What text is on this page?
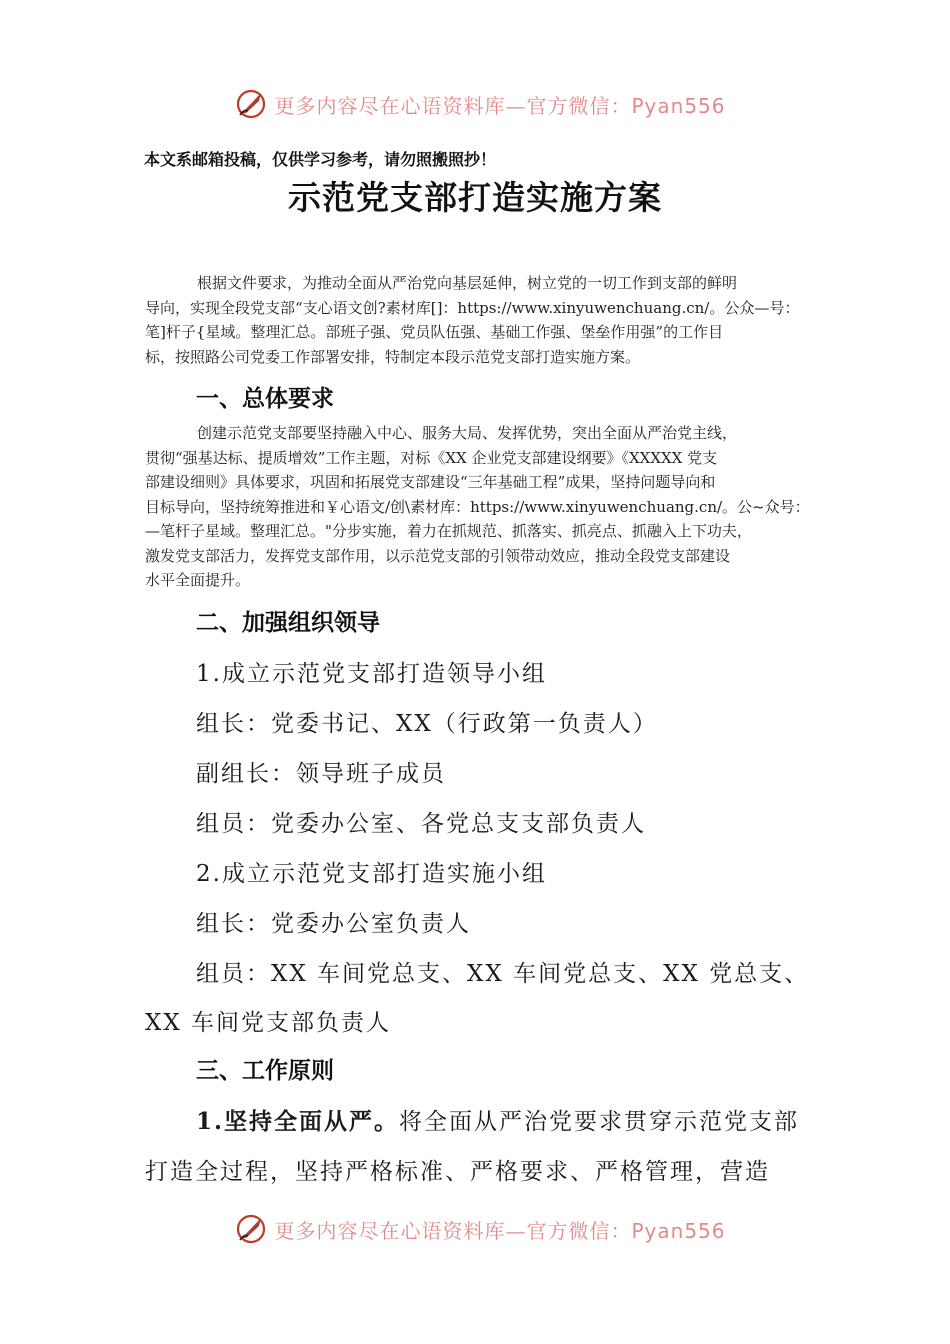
更多内容尽在心语资料库—官方微信：Pyan556
本文系邮箱投稿，仅供学习参考，请勿照搬照抄！
示范党支部打造实施方案
根据文件要求，为推动全面从严治党向基层延伸，树立党的一切工作到支部的鲜明
导向，实现全段党支部“支心语文创?素材库[]：https://www.xinyuwenchuang.cn/。公众—号：
笔]杆子{星域。整理汇总。部班子强、党员队伍强、基础工作强、堡垒作用强”的工作目
标，按照路公司党委工作部署安排，特制定本段示范党支部打造实施方案。
一、总体要求
创建示范党支部要坚持融入中心、服务大局、发挥优势，突出全面从严治党主线，
贯彻“强基达标、提质增效”工作主题，对标《XX 企业党支部建设纲要》《XXXXX 党支
部建设细则》具体要求，巩固和拓展党支部建设“三年基础工程”成果，坚持问题导向和
目标导向，坚持统筹推进和￥心语文/创\素材库：https://www.xinyuwenchuang.cn/。公~众号：
—笔杆子星域。整理汇总。"分步实施，着力在抓规范、抓落实、抓亮点、抓融入上下功夫，
激发党支部活力，发挥党支部作用，以示范党支部的引领带动效应，推动全段党支部建设
水平全面提升。
二、加强组织领导
1.成立示范党支部打造领导小组
组长：党委书记、XX（行政第一负责人）
副组长：领导班子成员
组员：党委办公室、各党总支支部负责人
2.成立示范党支部打造实施小组
组长：党委办公室负责人
组员：XX 车间党总支、XX 车间党总支、XX 党总支、
XX 车间党支部负责人
三、工作原则
1.坚持全面从严。将全面从严治党要求贯穿示范党支部
打造全过程，坚持严格标准、严格要求、严格管理，营造
更多内容尽在心语资料库—官方微信：Pyan556
